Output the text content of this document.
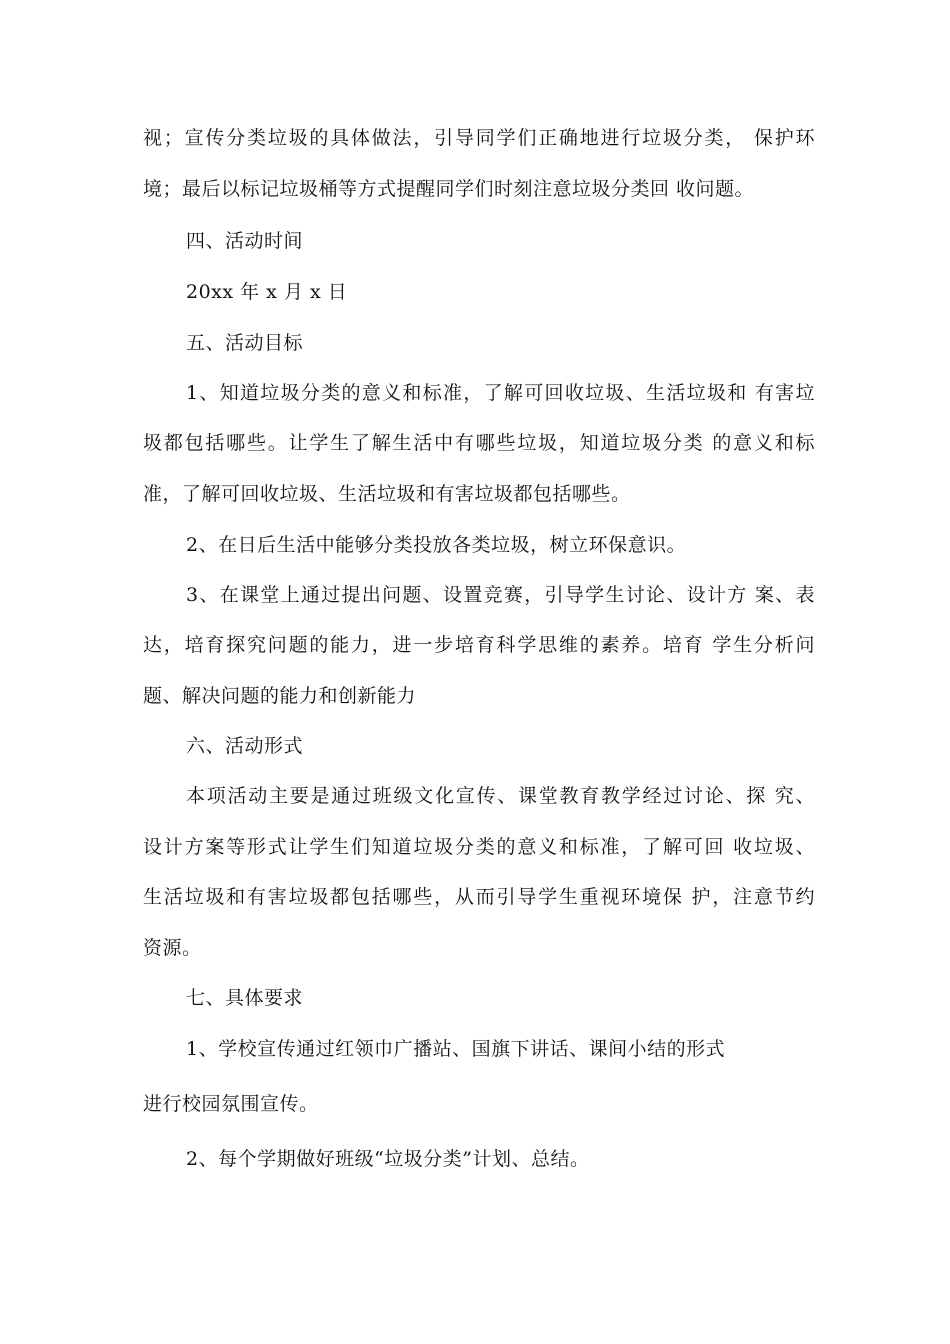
视；宣传分类垃圾的具体做法，引导同学们正确地进行垃圾分类， 保护环
境；最后以标记垃圾桶等方式提醒同学们时刻注意垃圾分类回 收问题。
四、活动时间
20xx 年 x 月 x 日
五、活动目标
1、知道垃圾分类的意义和标准，了解可回收垃圾、生活垃圾和 有害垃
圾都包括哪些。让学生了解生活中有哪些垃圾，知道垃圾分类 的意义和标
准，了解可回收垃圾、生活垃圾和有害垃圾都包括哪些。
2、在日后生活中能够分类投放各类垃圾，树立环保意识。
3、在课堂上通过提出问题、设置竞赛，引导学生讨论、设计方 案、表
达，培育探究问题的能力，进一步培育科学思维的素养。培育 学生分析问
题、解决问题的能力和创新能力
六、活动形式
本项活动主要是通过班级文化宣传、课堂教育教学经过讨论、探 究、
设计方案等形式让学生们知道垃圾分类的意义和标准，了解可回 收垃圾、
生活垃圾和有害垃圾都包括哪些，从而引导学生重视环境保 护，注意节约
资源。
七、具体要求
1、学校宣传通过红领巾广播站、国旗下讲话、课间小结的形式
进行校园氛围宣传。
2、每个学期做好班级“垃圾分类”计划、总结。
